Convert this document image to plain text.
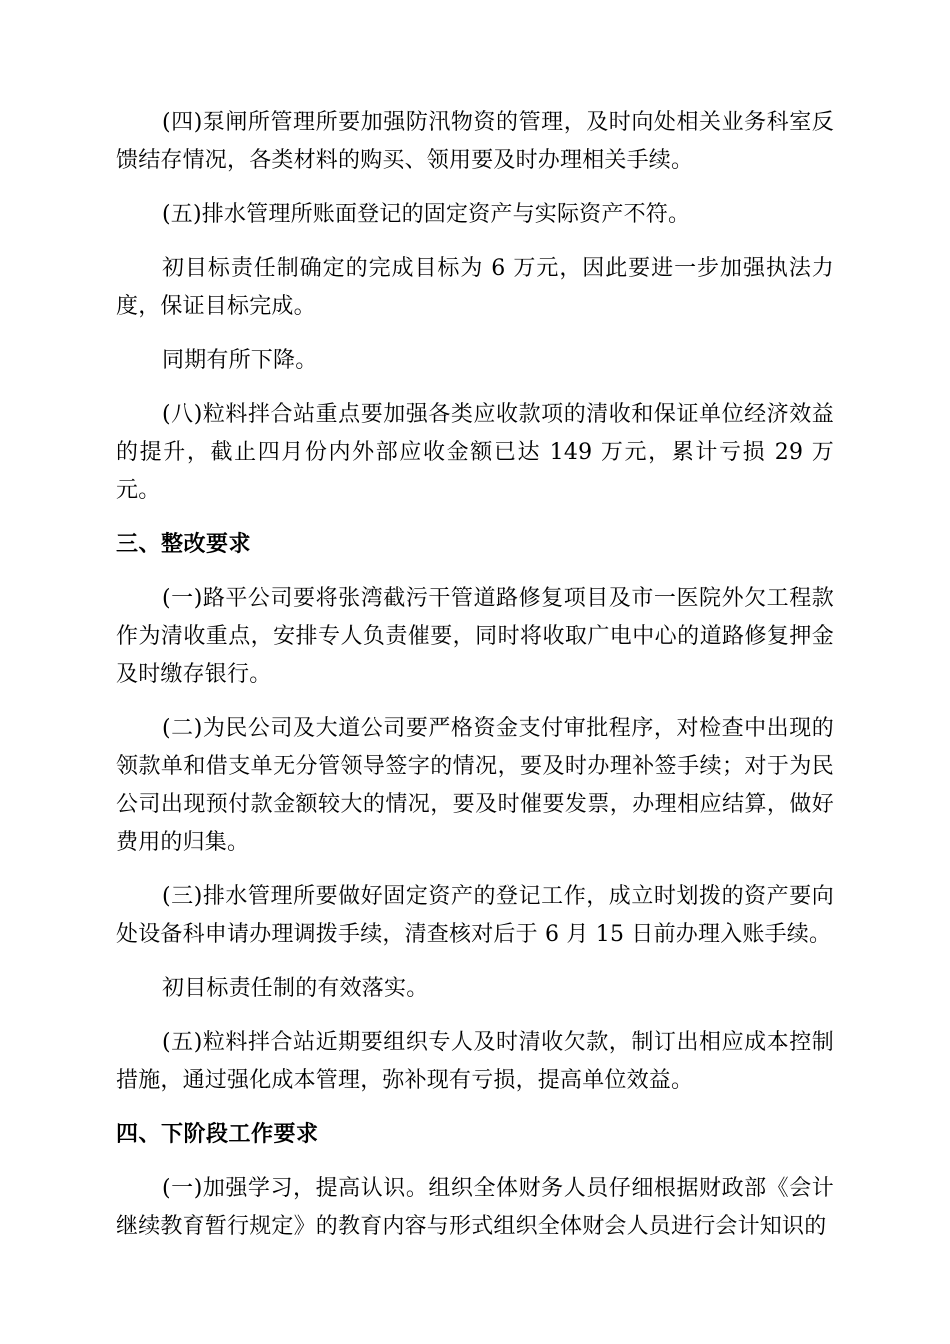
(四)泵闸所管理所要加强防汛物资的管理，及时向处相关业务科室反馈结存情况，各类材料的购买、领用要及时办理相关手续。

(五)排水管理所账面登记的固定资产与实际资产不符。

初目标责任制确定的完成目标为 6 万元，因此要进一步加强执法力度，保证目标完成。

同期有所下降。

(八)粒料拌合站重点要加强各类应收款项的清收和保证单位经济效益的提升，截止四月份内外部应收金额已达 149 万元，累计亏损 29 万元。

三、整改要求

(一)路平公司要将张湾截污干管道路修复项目及市一医院外欠工程款作为清收重点，安排专人负责催要，同时将收取广电中心的道路修复押金及时缴存银行。

(二)为民公司及大道公司要严格资金支付审批程序，对检查中出现的领款单和借支单无分管领导签字的情况，要及时办理补签手续；对于为民公司出现预付款金额较大的情况，要及时催要发票，办理相应结算，做好费用的归集。

(三)排水管理所要做好固定资产的登记工作，成立时划拨的资产要向处设备科申请办理调拨手续，清查核对后于 6 月 15 日前办理入账手续。

初目标责任制的有效落实。

(五)粒料拌合站近期要组织专人及时清收欠款，制订出相应成本控制措施，通过强化成本管理，弥补现有亏损，提高单位效益。

四、下阶段工作要求

(一)加强学习，提高认识。组织全体财务人员仔细根据财政部《会计继续教育暂行规定》的教育内容与形式组织全体财会人员进行会计知识的
